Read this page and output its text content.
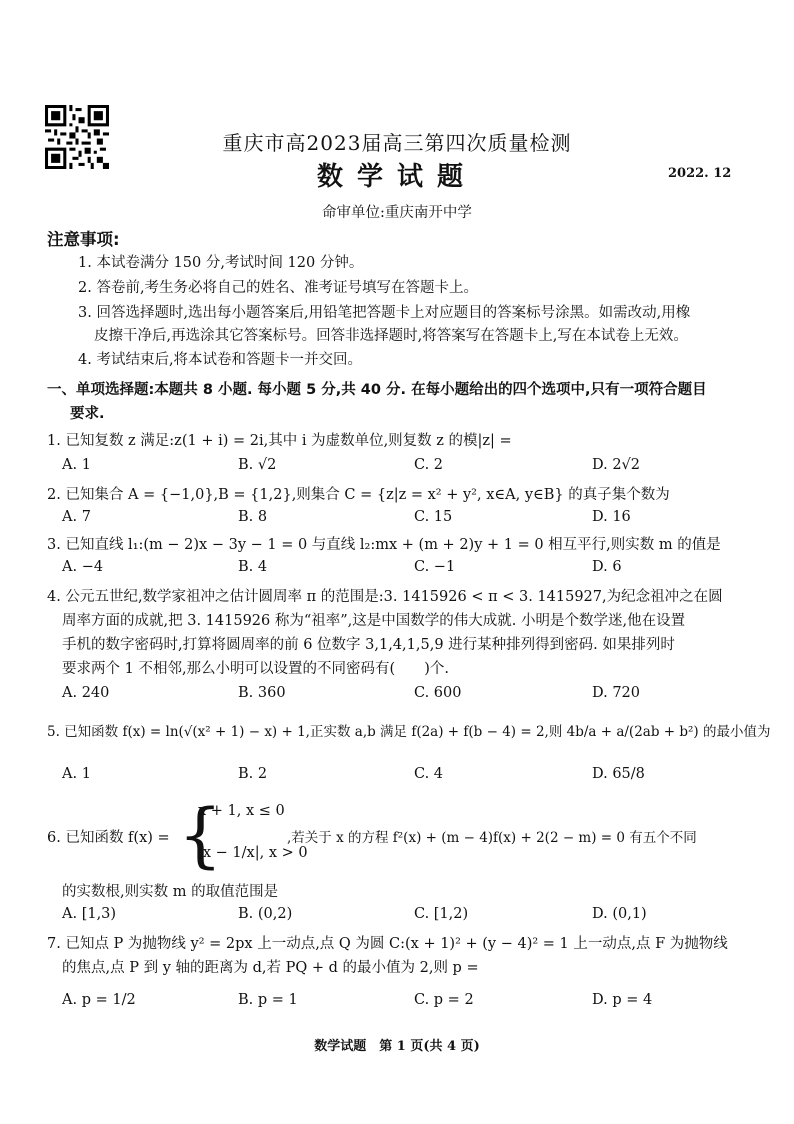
重庆市高2023届高三第四次质量检测
数学试题	2022. 12
命审单位:重庆南开中学
注意事项:
1. 本试卷满分 150 分,考试时间 120 分钟。
2. 答卷前,考生务必将自己的姓名、准考证号填写在答题卡上。
3. 回答选择题时,选出每小题答案后,用铅笔把答题卡上对应题目的答案标号涂黑。如需改动,用橡
皮擦干净后,再选涂其它答案标号。回答非选择题时,将答案写在答题卡上,写在本试卷上无效。
4. 考试结束后,将本试卷和答题卡一并交回。
一、单项选择题:本题共 8 小题. 每小题 5 分,共 40 分. 在每小题给出的四个选项中,只有一项符合题目
要求.
1. 已知复数 z 满足:z(1 + i) = 2i,其中 i 为虚数单位,则复数 z 的模|z| =
A. 1	B. √2	C. 2	D. 2√2
2. 已知集合 A = {−1,0},B = {1,2},则集合 C = {z|z = x² + y², x∈A, y∈B} 的真子集个数为
A. 7	B. 8	C. 15	D. 16
3. 已知直线 l₁:(m − 2)x − 3y − 1 = 0 与直线 l₂:mx + (m + 2)y + 1 = 0 相互平行,则实数 m 的值是
A. −4	B. 4	C. −1	D. 6
4. 公元五世纪,数学家祖冲之估计圆周率 π 的范围是:3. 1415926 < π < 3. 1415927,为纪念祖冲之在圆
周率方面的成就,把 3. 1415926 称为“祖率”,这是中国数学的伟大成就. 小明是个数学迷,他在设置
手机的数字密码时,打算将圆周率的前 6 位数字 3,1,4,1,5,9 进行某种排列得到密码. 如果排列时
要求两个 1 不相邻,那么小明可以设置的不同密码有(　　)个.
A. 240	B. 360	C. 600	D. 720
5. 已知函数 f(x) = ln(√(x² + 1) − x) + 1,正实数 a,b 满足 f(2a) + f(b − 4) = 2,则 4b/a + a/(2ab + b²) 的最小值为
A. 1	B. 2	C. 4	D. 65/8
6. 已知函数 f(x) = {
x + 1, x ≤ 0
|x − 1/x|, x > 0
,若关于 x 的方程 f²(x) + (m − 4)f(x) + 2(2 − m) = 0 有五个不同
的实数根,则实数 m 的取值范围是
A. [1,3)	B. (0,2)	C. [1,2)	D. (0,1)
7. 已知点 P 为抛物线 y² = 2px 上一动点,点 Q 为圆 C:(x + 1)² + (y − 4)² = 1 上一动点,点 F 为抛物线
的焦点,点 P 到 y 轴的距离为 d,若 PQ + d 的最小值为 2,则 p =
A. p = 1/2	B. p = 1	C. p = 2	D. p = 4
数学试题　第 1 页(共 4 页)
